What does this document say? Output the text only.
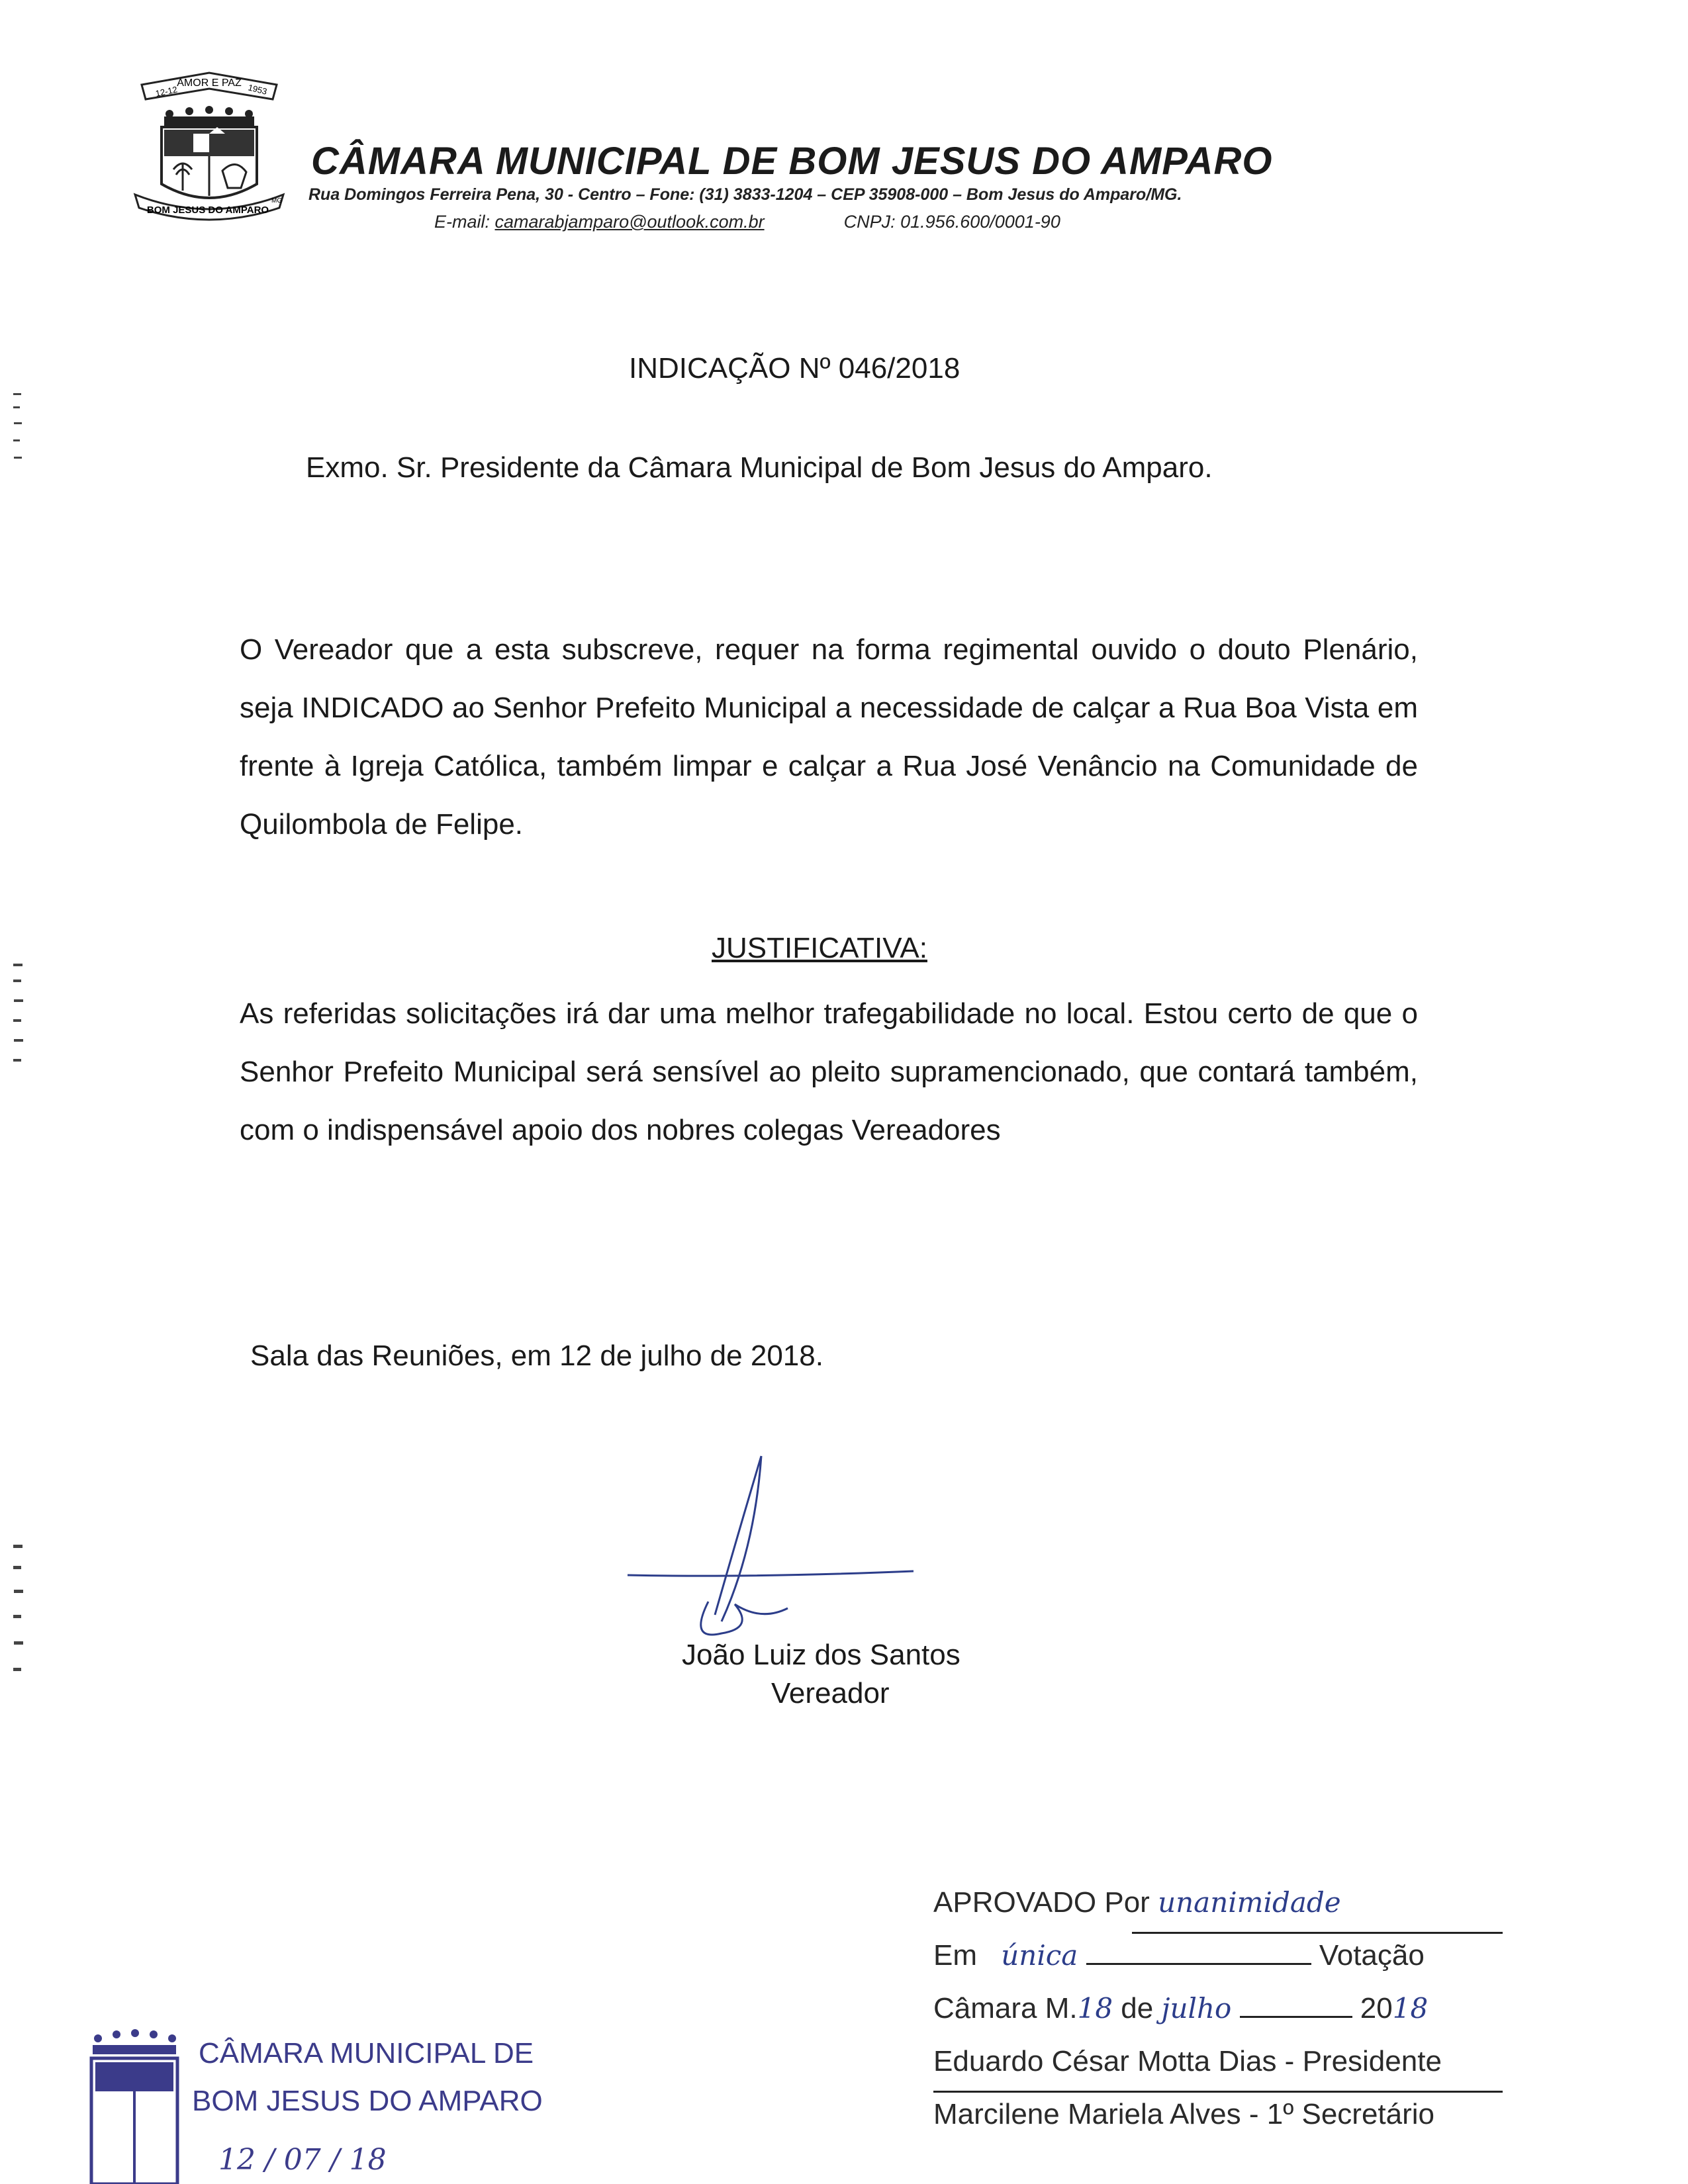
AMOR E PAZ
12-12	1953
BOM JESUS DO AMPARO
MG
CÂMARA MUNICIPAL DE BOM JESUS DO AMPARO
Rua Domingos Ferreira Pena, 30 - Centro – Fone: (31) 3833-1204 – CEP 35908-000 – Bom Jesus do Amparo/MG.
E-mail: camarabjamparo@outlook.com.br	CNPJ: 01.956.600/0001-90
INDICAÇÃO Nº 046/2018
Exmo. Sr. Presidente da Câmara Municipal de Bom Jesus do Amparo.
O Vereador que a esta subscreve, requer na forma regimental ouvido o douto Plenário, seja INDICADO ao Senhor Prefeito Municipal a necessidade de calçar a Rua Boa Vista em frente à Igreja Católica, também limpar e calçar a Rua José Venâncio na Comunidade de Quilombola de Felipe.
JUSTIFICATIVA:
As referidas solicitações irá dar uma melhor trafegabilidade no local. Estou certo de que o Senhor Prefeito Municipal será sensível ao pleito supramencionado, que contará também, com o indispensável apoio dos nobres colegas Vereadores
Sala das Reuniões, em 12 de julho de 2018.
João Luiz dos Santos
Vereador
APROVADO Por unanimidade
Em única	Votação
Câmara M.18 de julho	2018
Eduardo César Motta Dias - Presidente
Marcilene Mariela Alves - 1º Secretário
CÂMARA MUNICIPAL DE
BOM JESUS DO AMPARO
12 / 07 / 18
